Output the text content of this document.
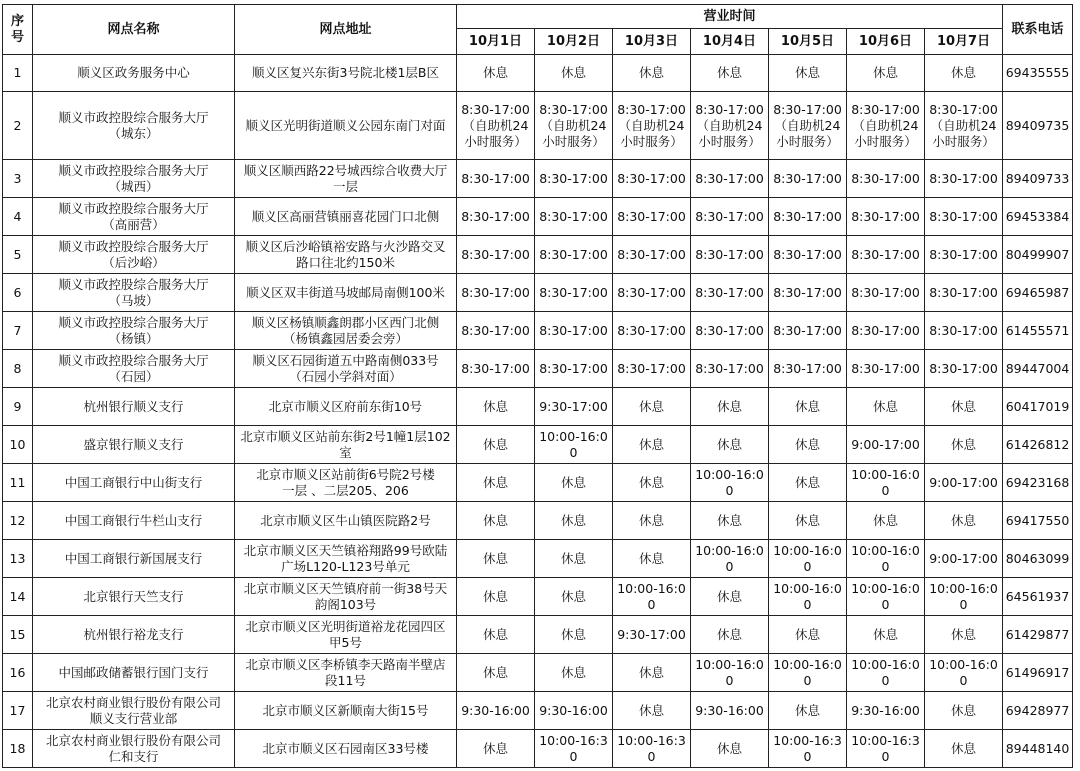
序号	网点名称	网点地址	营业时间							联系电话
			10月1日	10月2日	10月3日	10月4日	10月5日	10月6日	10月7日	
1	顺义区政务服务中心	顺义区复兴东街3号院北楼1层B区	休息	休息	休息	休息	休息	休息	休息	69435555
2	顺义市政控股综合服务大厅
（城东）	顺义区光明街道顺义公园东南门对面	8:30-17:00
（自助机24
小时服务）	8:30-17:00
（自助机24
小时服务）	8:30-17:00
（自助机24
小时服务）	8:30-17:00
（自助机24
小时服务）	8:30-17:00
（自助机24
小时服务）	8:30-17:00
（自助机24
小时服务）	8:30-17:00
（自助机24
小时服务）	89409735
3	顺义市政控股综合服务大厅
（城西）	顺义区顺西路22号城西综合收费大厅
一层	8:30-17:00	8:30-17:00	8:30-17:00	8:30-17:00	8:30-17:00	8:30-17:00	8:30-17:00	89409733
4	顺义市政控股综合服务大厅
（高丽营）	顺义区高丽营镇丽喜花园门口北侧	8:30-17:00	8:30-17:00	8:30-17:00	8:30-17:00	8:30-17:00	8:30-17:00	8:30-17:00	69453384
5	顺义市政控股综合服务大厅
（后沙峪）	顺义区后沙峪镇裕安路与火沙路交叉
路口往北约150米	8:30-17:00	8:30-17:00	8:30-17:00	8:30-17:00	8:30-17:00	8:30-17:00	8:30-17:00	80499907
6	顺义市政控股综合服务大厅
（马坡）	顺义区双丰街道马坡邮局南侧100米	8:30-17:00	8:30-17:00	8:30-17:00	8:30-17:00	8:30-17:00	8:30-17:00	8:30-17:00	69465987
7	顺义市政控股综合服务大厅
（杨镇）	顺义区杨镇顺鑫朗郡小区西门北侧
（杨镇鑫园居委会旁）	8:30-17:00	8:30-17:00	8:30-17:00	8:30-17:00	8:30-17:00	8:30-17:00	8:30-17:00	61455571
8	顺义市政控股综合服务大厅
（石园）	顺义区石园街道五中路南侧033号
（石园小学斜对面）	8:30-17:00	8:30-17:00	8:30-17:00	8:30-17:00	8:30-17:00	8:30-17:00	8:30-17:00	89447004
9	杭州银行顺义支行	北京市顺义区府前东街10号	休息	9:30-17:00	休息	休息	休息	休息	休息	60417019
10	盛京银行顺义支行	北京市顺义区站前东街2号1幢1层102
室	休息	10:00-16:00	休息	休息	休息	9:00-17:00	休息	61426812
11	中国工商银行中山街支行	北京市顺义区站前街6号院2号楼
一层 、二层205、206	休息	休息	休息	10:00-16:00	休息	10:00-16:00	9:00-17:00	69423168
12	中国工商银行牛栏山支行	北京市顺义区牛山镇医院路2号	休息	休息	休息	休息	休息	休息	休息	69417550
13	中国工商银行新国展支行	北京市顺义区天竺镇裕翔路99号欧陆
广场L120-L123号单元	休息	休息	休息	10:00-16:00	10:00-16:00	10:00-16:00	9:00-17:00	80463099
14	北京银行天竺支行	北京市顺义区天竺镇府前一街38号天
韵阁103号	休息	休息	10:00-16:00	休息	10:00-16:00	10:00-16:00	10:00-16:00	64561937
15	杭州银行裕龙支行	北京市顺义区光明街道裕龙花园四区
甲5号	休息	休息	9:30-17:00	休息	休息	休息	休息	61429877
16	中国邮政储蓄银行国门支行	北京市顺义区李桥镇李天路南半壁店
段11号	休息	休息	休息	10:00-16:00	10:00-16:00	10:00-16:00	10:00-16:00	61496917
17	北京农村商业银行股份有限公司
顺义支行营业部	北京市顺义区新顺南大街15号	9:30-16:00	9:30-16:00	休息	9:30-16:00	休息	9:30-16:00	休息	69428977
18	北京农村商业银行股份有限公司
仁和支行	北京市顺义区石园南区33号楼	休息	10:00-16:30	10:00-16:30	休息	10:00-16:30	10:00-16:30	休息	89448140
